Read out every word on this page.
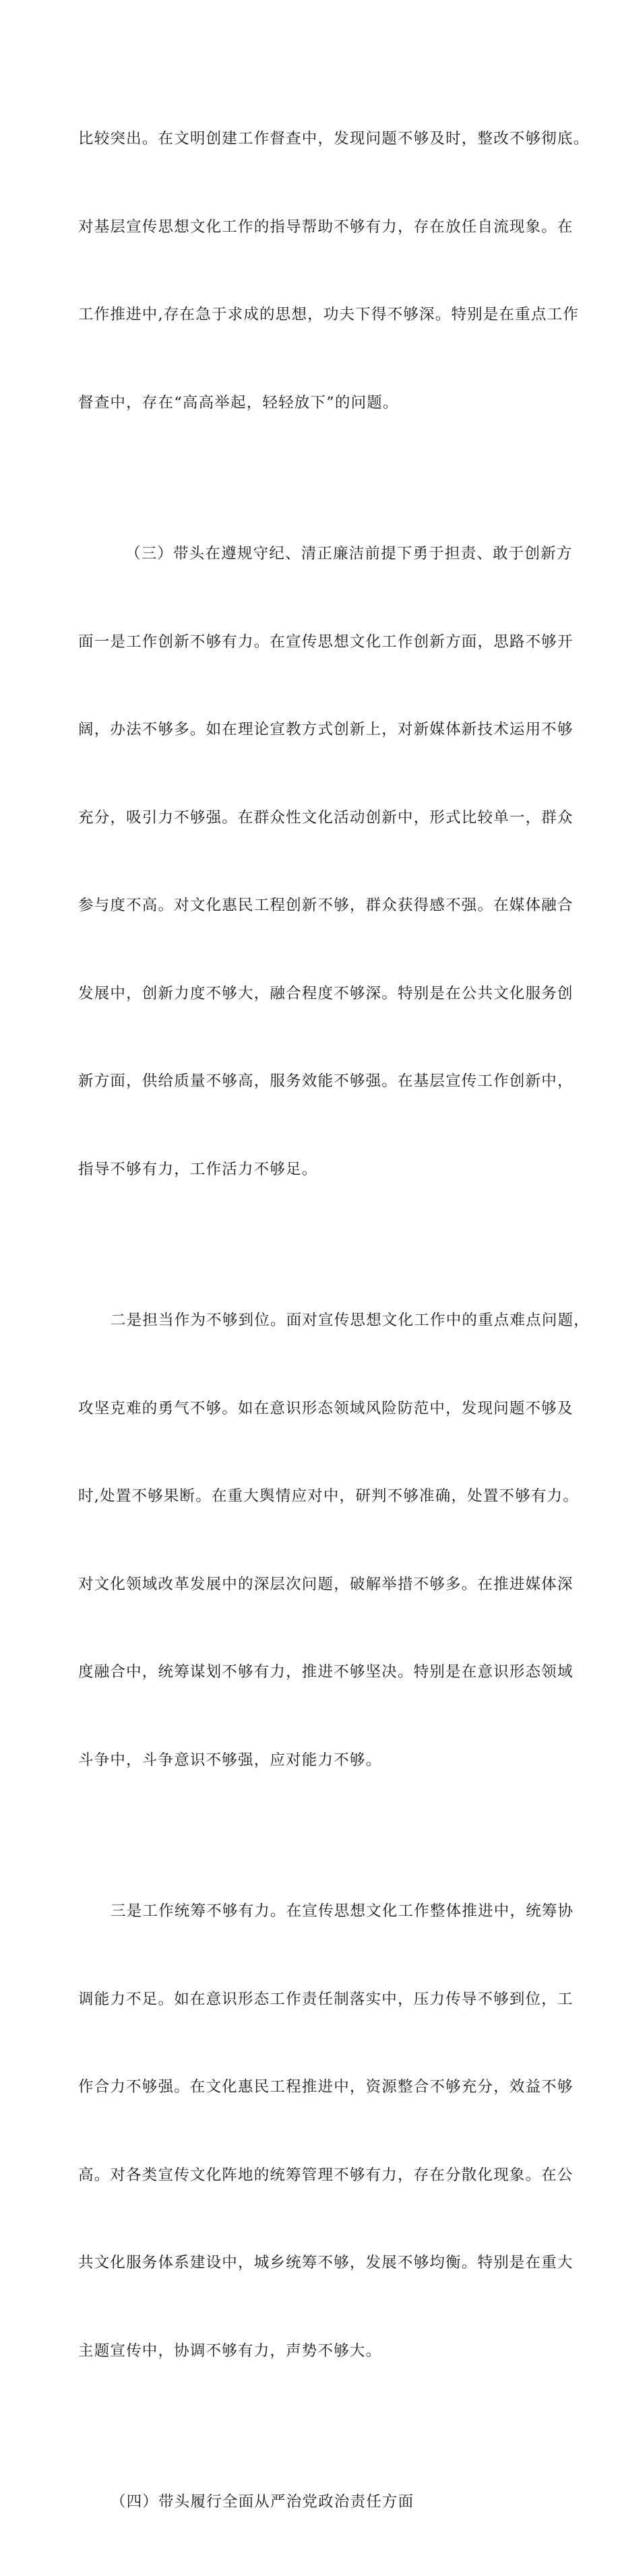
比较突出。在文明创建工作督查中，发现问题不够及时，整改不够彻底。

对基层宣传思想文化工作的指导帮助不够有力，存在放任自流现象。在

工作推进中,存在急于求成的思想，功夫下得不够深。特别是在重点工作

督查中，存在“高高举起，轻轻放下”的问题。

（三）带头在遵规守纪、清正廉洁前提下勇于担责、敢于创新方

面一是工作创新不够有力。在宣传思想文化工作创新方面，思路不够开

阔，办法不够多。如在理论宣教方式创新上，对新媒体新技术运用不够

充分，吸引力不够强。在群众性文化活动创新中，形式比较单一，群众

参与度不高。对文化惠民工程创新不够，群众获得感不强。在媒体融合

发展中，创新力度不够大，融合程度不够深。特别是在公共文化服务创

新方面，供给质量不够高，服务效能不够强。在基层宣传工作创新中，

指导不够有力，工作活力不够足。

二是担当作为不够到位。面对宣传思想文化工作中的重点难点问题，

攻坚克难的勇气不够。如在意识形态领域风险防范中，发现问题不够及

时,处置不够果断。在重大舆情应对中，研判不够准确，处置不够有力。

对文化领域改革发展中的深层次问题，破解举措不够多。在推进媒体深

度融合中，统筹谋划不够有力，推进不够坚决。特别是在意识形态领域

斗争中，斗争意识不够强，应对能力不够。

三是工作统筹不够有力。在宣传思想文化工作整体推进中，统筹协

调能力不足。如在意识形态工作责任制落实中，压力传导不够到位，工

作合力不够强。在文化惠民工程推进中，资源整合不够充分，效益不够

高。对各类宣传文化阵地的统筹管理不够有力，存在分散化现象。在公

共文化服务体系建设中，城乡统筹不够，发展不够均衡。特别是在重大

主题宣传中，协调不够有力，声势不够大。

（四）带头履行全面从严治党政治责任方面
